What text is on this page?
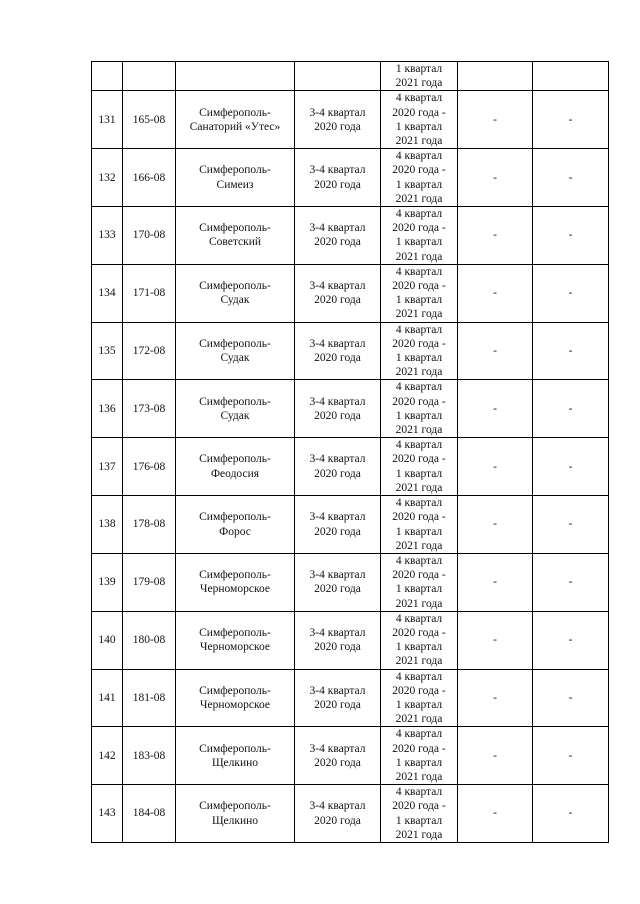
				1 квартал
2021 года		

131	165-08	Симферополь-
Санаторий «Утес»	3-4 квартал
2020 года	4 квартал
2020 года -
1 квартал
2021 года	-	-
132	166-08	Симферополь-
Симеиз	3-4 квартал
2020 года	4 квартал
2020 года -
1 квартал
2021 года	-	-
133	170-08	Симферополь-
Советский	3-4 квартал
2020 года	4 квартал
2020 года -
1 квартал
2021 года	-	-
134	171-08	Симферополь-
Судак	3-4 квартал
2020 года	4 квартал
2020 года -
1 квартал
2021 года	-	-
135	172-08	Симферополь-
Судак	3-4 квартал
2020 года	4 квартал
2020 года -
1 квартал
2021 года	-	-
136	173-08	Симферополь-
Судак	3-4 квартал
2020 года	4 квартал
2020 года -
1 квартал
2021 года	-	-
137	176-08	Симферополь-
Феодосия	3-4 квартал
2020 года	4 квартал
2020 года -
1 квартал
2021 года	-	-
138	178-08	Симферополь-
Форос	3-4 квартал
2020 года	4 квартал
2020 года -
1 квартал
2021 года	-	-
139	179-08	Симферополь-
Черноморское	3-4 квартал
2020 года	4 квартал
2020 года -
1 квартал
2021 года	-	-
140	180-08	Симферополь-
Черноморское	3-4 квартал
2020 года	4 квартал
2020 года -
1 квартал
2021 года	-	-
141	181-08	Симферополь-
Черноморское	3-4 квартал
2020 года	4 квартал
2020 года -
1 квартал
2021 года	-	-
142	183-08	Симферополь-
Щелкино	3-4 квартал
2020 года	4 квартал
2020 года -
1 квартал
2021 года	-	-
143	184-08	Симферополь-
Щелкино	3-4 квартал
2020 года	4 квартал
2020 года -
1 квартал
2021 года	-	-
